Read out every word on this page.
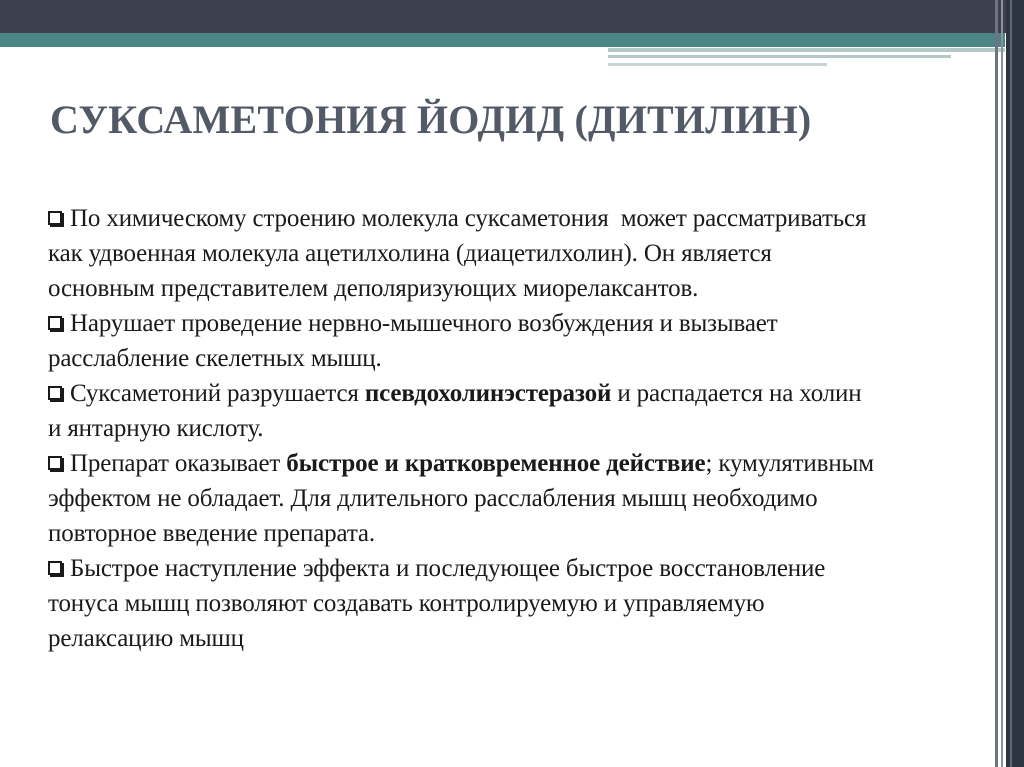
СУКСАМЕТОНИЯ ЙОДИД (ДИТИЛИН)
По химическому строению молекула суксаметония  может рассматриваться
как удвоенная молекула ацетилхолина (диацетилхолин). Он является
основным представителем деполяризующих миорелаксантов.
Нарушает проведение нервно-мышечного возбуждения и вызывает
расслабление скелетных мышц.
Суксаметоний разрушается псевдохолинэстеразой и распадается на холин
и янтарную кислоту.
Препарат оказывает быстрое и кратковременное действие; кумулятивным
эффектом не обладает. Для длительного расслабления мышц необходимо
повторное введение препарата.
Быстрое наступление эффекта и последующее быстрое восстановление
тонуса мышц позволяют создавать контролируемую и управляемую
релаксацию мышц
